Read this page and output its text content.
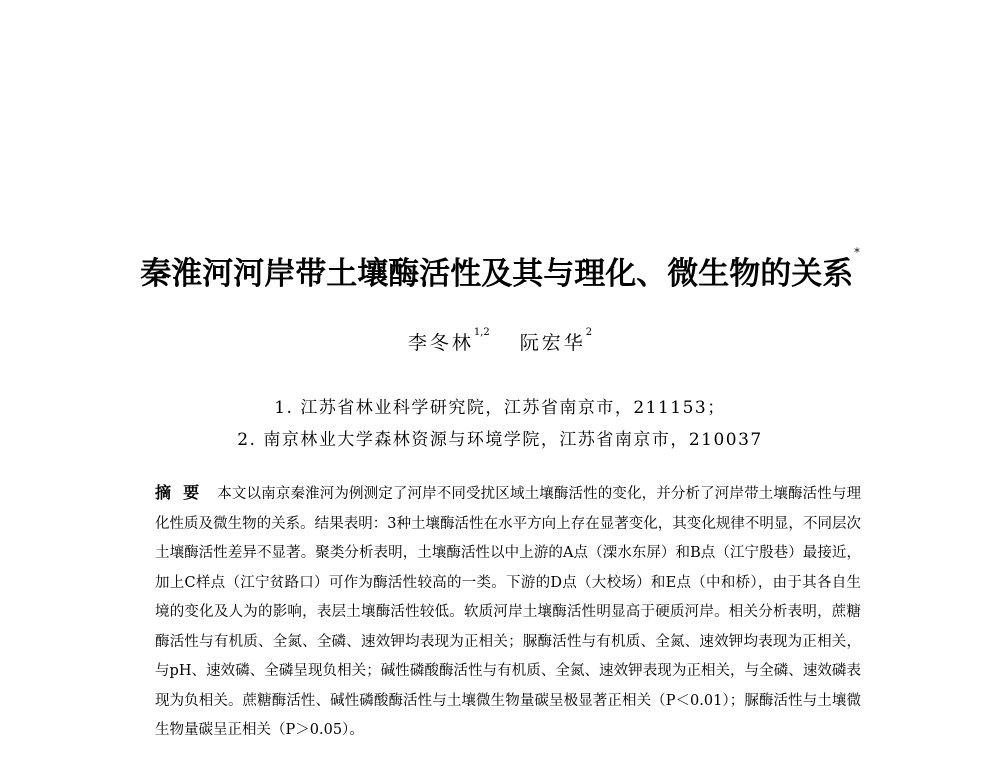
秦淮河河岸带土壤酶活性及其与理化、微生物的关系*
李冬林$^{1,2}$ 阮宏华$^2$
1. 江苏省林业科学研究院，江苏省南京市，211153；
2. 南京林业大学森林资源与环境学院，江苏省南京市，210037
摘要 本文以南京秦淮河为例测定了河岸不同受扰区域土壤酶活性的变化，并分析了河岸带土壤酶活性与理化性质及微生物的关系。结果表明：3种土壤酶活性在水平方向上存在显著变化，其变化规律不明显，不同层次土壤酶活性差异不显著。聚类分析表明，土壤酶活性以中上游的A点（溧水东屏）和B点（江宁殷巷）最接近，加上C样点（江宁贫路口）可作为酶活性较高的一类。下游的D点（大校场）和E点（中和桥），由于其各自生境的变化及人为的影响，表层土壤酶活性较低。软质河岸土壤酶活性明显高于硬质河岸。相关分析表明，蔗糖酶活性与有机质、全氮、全磷、速效钾均表现为正相关；脲酶活性与有机质、全氮、速效钾均表现为正相关，与pH、速效磷、全磷呈现负相关；碱性磷酸酶活性与有机质、全氮、速效钾表现为正相关，与全磷、速效磷表现为负相关。蔗糖酶活性、碱性磷酸酶活性与土壤微生物量碳呈极显著正相关（P＜0.01）；脲酶活性与土壤微生物量碳呈正相关（P＞0.05）。
